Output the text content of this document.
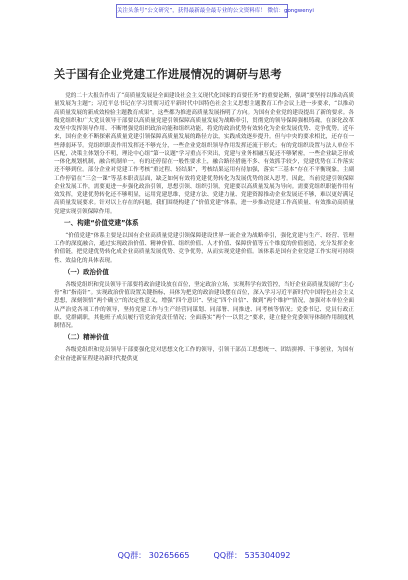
关注头条号“公文研究”，获得最新最全最专业的公文资料库！ 微信：gongwenyi
关于国有企业党建工作进展情况的调研与思考

党的二十大报告作出了“高质量发展是全面建设社会主义现代化国家的首要任务”的重要论断，强调“要坚持以推动高质量发展为主题”；习近平总书记在学习贯彻习近平新时代中国特色社会主义思想主题教育工作会议上进一步要求，“以推动高质量发展的新成效检验主题教育成果”，这些都为推进高质量发展指明了方向。为国有企业党的建设提出了新的要求。各级党组织和广大党员领导干部要以高质量党建引领保障高质量发展为战略牵引，贯彻党的领导保障强根铸魂，在深化改革攻坚中发挥领导作用、不断增强党组织政治功能和组织功能，将党的政治优势有效转化为企业发展优势、竞争优势。近年来，国有企业不断探索高质量党建引领保障高质量发展的路径方法，实践成效逐步提升。但与中央的要求相比，还存在一些薄弱环节。党组织职责作用发挥还不够充分，一些企业党组织领导作用发挥还流于形式；有的党组织设置与法人单位不匹配，决策主体划分不明，理论中心组“第一议题”学习重点不突出，党建与业务相融互促还不够紧密，一些企业缺乏形成一体化规划机制，融合机制单一。有的还停留在一般性要求上，融合路径措施不多、有效抓手较少，党建优势在工作落实还不够到位。部分企业对党建工作考核“重过程、轻结果”，考核结果运用有待加强，落实“三基本”存在不平衡现象，主副工作停留在“三会一课”等基本职责层面，缺乏如何有效将党建优势转化为发展优势的深入思考。因此，当前党建引领保障企业发展工作，需要更进一步强化政治引领，思想引领、组织引领，党建要以高质量发展为导向。需要党组织职能作用有效发挥，党建优势转化还不够明显，运用党建思维，党建方法、党建力量、党建资源推动企业发展还不够，难以更好满足高质量发展要求。针对以上存在的问题，我们围绕构建了“价值党建”体系，进一步推动党建工作高质量、有效推动高质量党建实现引领保障作用。

一、构建“价值党建”体系

“价值党建”体系主要是以国有企业高质量党建引领保障建设世界一流企业为战略牵引，强化党建与生产、经营、管理工作的深度融合，通过实现政治价值、精神价值、组织价值、人才价值、保障价值等五个维度的价值创造，充分发挥企业价值链，把党建优势转化成企业高质量发展优势、竞争优势，从而实现党建价值。该体系是国有企业党建工作实现可持续性、效益化的具体表现。

（一）政治价值

各级党组织和党员领导干部要将政治建设放在首位，坚定政治立场，实现科学有效管控，当好企业高质量发展的“主心骨”和“指南针”。实现政治价值设置关键指标，具体为把党的政治建设摆在首位，深入学习习近平新时代中国特色社会主义思想，深刻领悟“两个确立”的决定性意义，增强“四个意识”、坚定“四个自信”、做到“两个维护”情况，加强对本单位全面从严治党各项工作的领导，坚持党建工作与生产经营同谋划、同部署、同推进、同考核等情况；党委书记、党员行政正职、党群副职，其他班子成员履行管党治党责任情况；全面落实“两个一以贯之”要求，建立健全党委领导体制作用制度机制情况。

（二）精神价值

各级党组织和党员领导干部要强化党对思想文化工作的领导，引领干部员工思想统一、团结拼搏、干事创业，为国有企业奋进新征程建功新时代提供更

QQ群： 30265665	QQ群： 535304092
